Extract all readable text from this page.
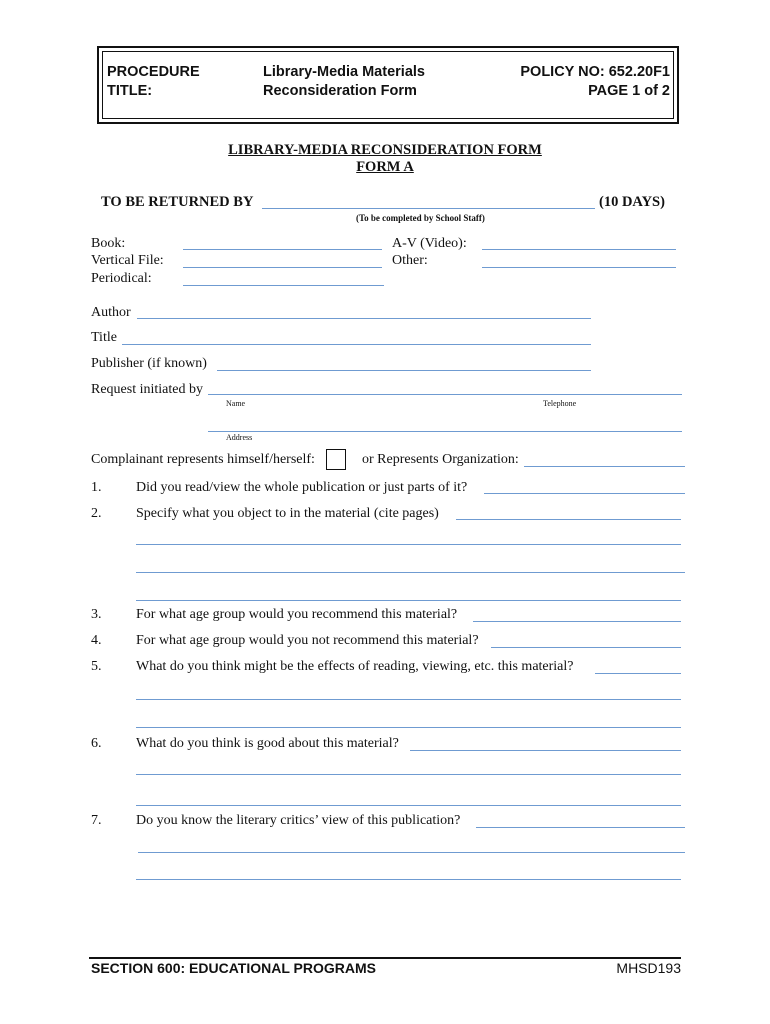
PROCEDURE
TITLE:
Library-Media Materials
Reconsideration Form
POLICY NO: 652.20F1
PAGE 1 of 2
LIBRARY-MEDIA RECONSIDERATION FORM
FORM A
TO BE RETURNED BY	(10 DAYS)
(To be completed by School Staff)
Book:
Vertical File:
Periodical:
A-V (Video):
Other:
Author
Title
Publisher (if known)
Request initiated by
Name	Telephone
Address
Complainant represents himself/herself:	or Represents Organization:
1. Did you read/view the whole publication or just parts of it?
2. Specify what you object to in the material (cite pages)
3. For what age group would you recommend this material?
4. For what age group would you not recommend this material?
5. What do you think might be the effects of reading, viewing, etc. this material?
6. What do you think is good about this material?
7. Do you know the literary critics’ view of this publication?
SECTION 600: EDUCATIONAL PROGRAMS	MHSD193
